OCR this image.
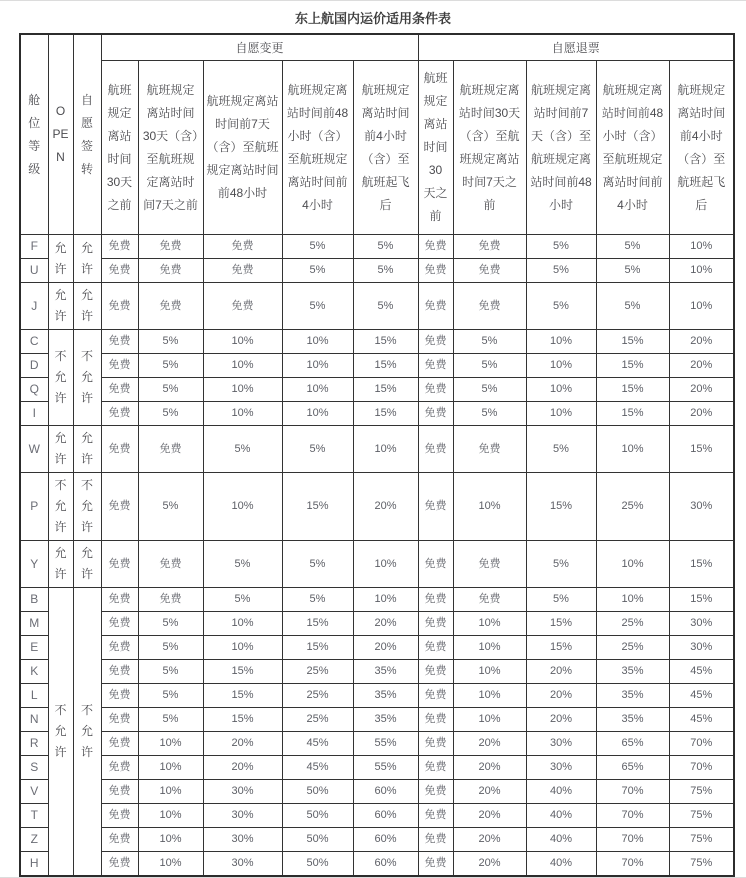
东上航国内运价适用条件表
舱位等级	OPEN	自愿签转	自愿变更					自愿退票				
			航班规定离站时间30天之前	航班规定离站时间30天（含）至航班规定离站时间7天之前	航班规定离站时间前7天（含）至航班规定离站时间前48小时	航班规定离站时间前48小时（含）至航班规定离站时间前4小时	航班规定离站时间前4小时（含）至航班起飞后	航班规定离站时间30天之前	航班规定离站时间30天（含）至航班规定离站时间7天之前	航班规定离站时间前7天（含）至航班规定离站时间前48小时	航班规定离站时间前48小时（含）至航班规定离站时间前4小时	航班规定离站时间前4小时（含）至航班起飞后
F	允许	允许	免费	免费	免费	5%	5%	免费	免费	5%	5%	10%
U			免费	免费	免费	5%	5%	免费	免费	5%	5%	10%
J	允许	允许	免费	免费	免费	5%	5%	免费	免费	5%	5%	10%
C	不允许	不允许	免费	5%	10%	10%	15%	免费	5%	10%	15%	20%
D			免费	5%	10%	10%	15%	免费	5%	10%	15%	20%
Q			免费	5%	10%	10%	15%	免费	5%	10%	15%	20%
I			免费	5%	10%	10%	15%	免费	5%	10%	15%	20%
W	允许	允许	免费	免费	5%	5%	10%	免费	免费	5%	10%	15%
P	不允许	不允许	免费	5%	10%	15%	20%	免费	10%	15%	25%	30%
Y	允许	允许	免费	免费	5%	5%	10%	免费	免费	5%	10%	15%
B	不允许	不允许	免费	免费	5%	5%	10%	免费	免费	5%	10%	15%
M			免费	5%	10%	15%	20%	免费	10%	15%	25%	30%
E			免费	5%	10%	15%	20%	免费	10%	15%	25%	30%
K			免费	5%	15%	25%	35%	免费	10%	20%	35%	45%
L			免费	5%	15%	25%	35%	免费	10%	20%	35%	45%
N			免费	5%	15%	25%	35%	免费	10%	20%	35%	45%
R			免费	10%	20%	45%	55%	免费	20%	30%	65%	70%
S			免费	10%	20%	45%	55%	免费	20%	30%	65%	70%
V			免费	10%	30%	50%	60%	免费	20%	40%	70%	75%
T			免费	10%	30%	50%	60%	免费	20%	40%	70%	75%
Z			免费	10%	30%	50%	60%	免费	20%	40%	70%	75%
H			免费	10%	30%	50%	60%	免费	20%	40%	70%	75%
